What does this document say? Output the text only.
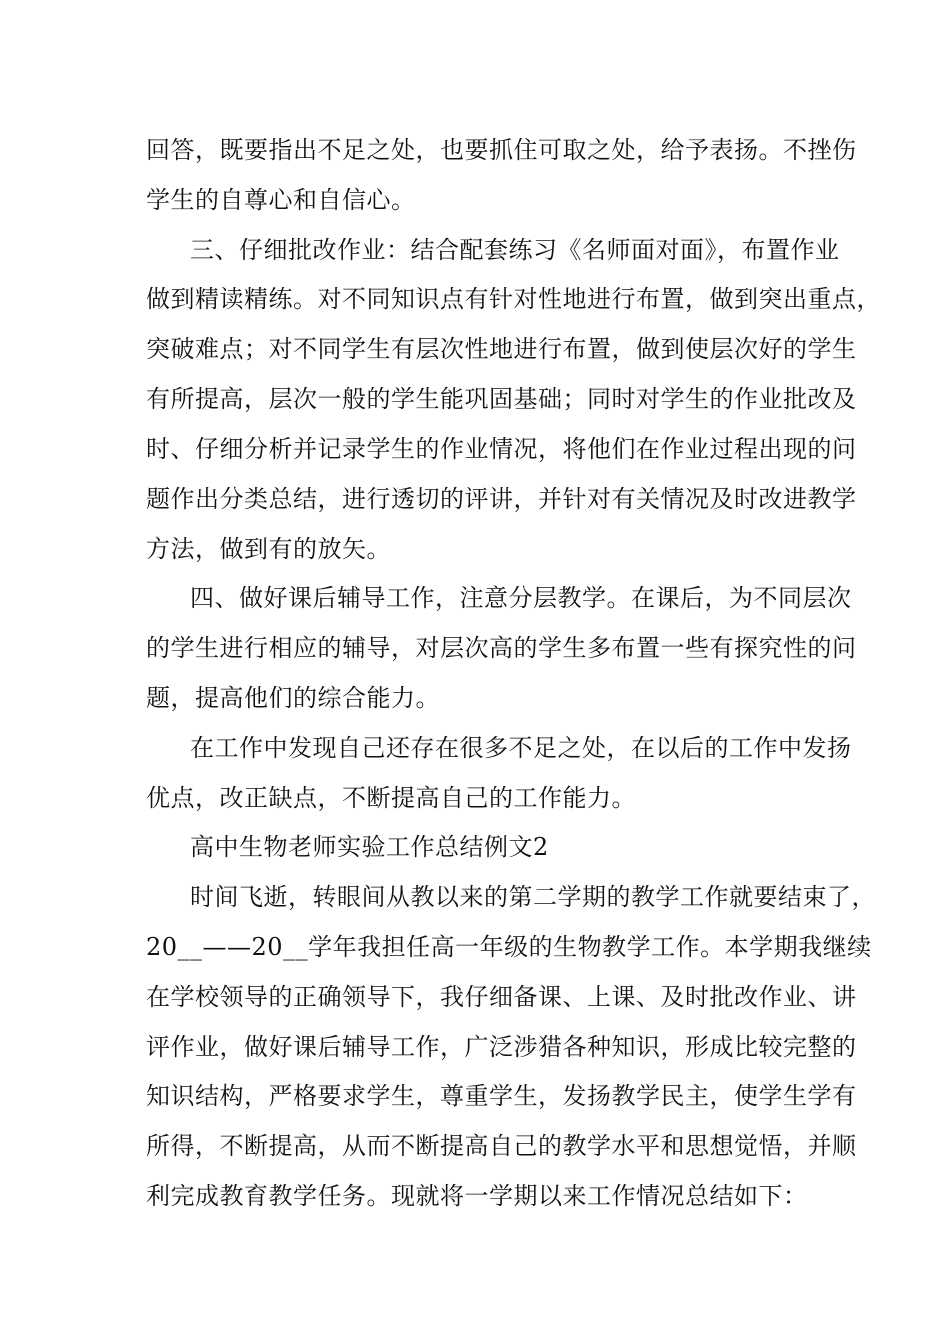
回答，既要指出不足之处，也要抓住可取之处，给予表扬。不挫伤
学生的自尊心和自信心。
三、仔细批改作业：结合配套练习《名师面对面》，布置作业
做到精读精练。对不同知识点有针对性地进行布置，做到突出重点，
突破难点；对不同学生有层次性地进行布置，做到使层次好的学生
有所提高，层次一般的学生能巩固基础；同时对学生的作业批改及
时、仔细分析并记录学生的作业情况，将他们在作业过程出现的问
题作出分类总结，进行透切的评讲，并针对有关情况及时改进教学
方法，做到有的放矢。
四、做好课后辅导工作，注意分层教学。在课后，为不同层次
的学生进行相应的辅导，对层次高的学生多布置一些有探究性的问
题，提高他们的综合能力。
在工作中发现自己还存在很多不足之处，在以后的工作中发扬
优点，改正缺点，不断提高自己的工作能力。
高中生物老师实验工作总结例文2
时间飞逝，转眼间从教以来的第二学期的教学工作就要结束了，
20__——20__学年我担任高一年级的生物教学工作。本学期我继续
在学校领导的正确领导下，我仔细备课、上课、及时批改作业、讲
评作业，做好课后辅导工作，广泛涉猎各种知识，形成比较完整的
知识结构，严格要求学生，尊重学生，发扬教学民主，使学生学有
所得，不断提高，从而不断提高自己的教学水平和思想觉悟，并顺
利完成教育教学任务。现就将一学期以来工作情况总结如下：
